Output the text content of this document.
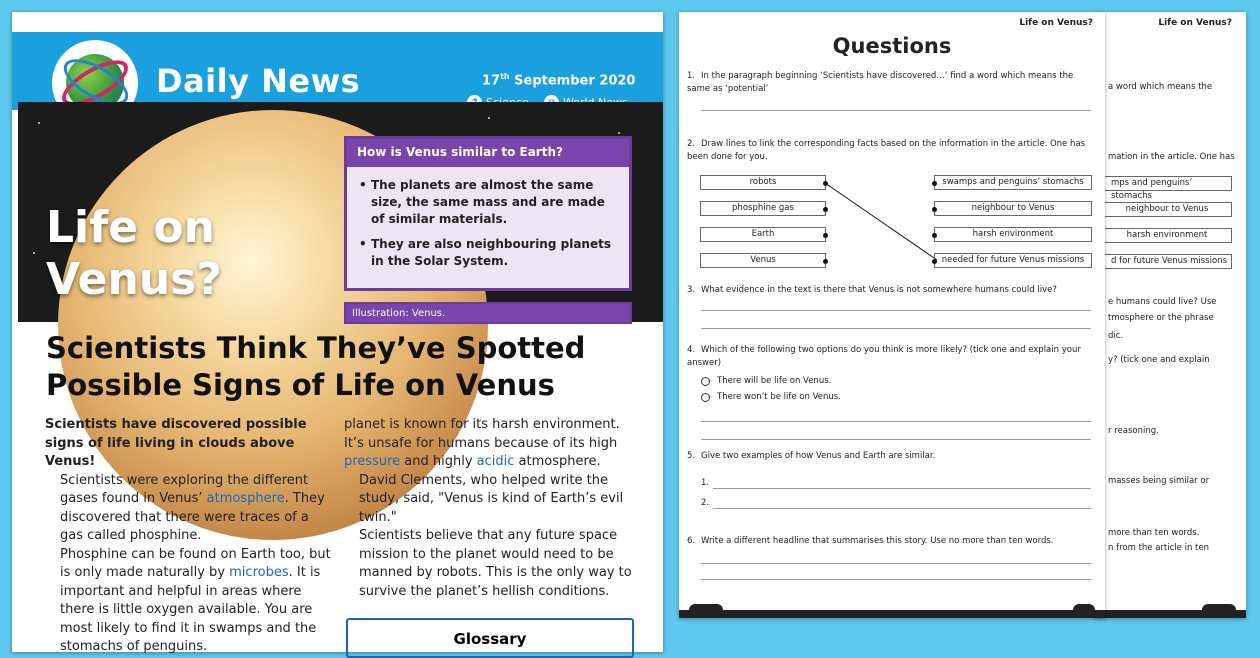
Daily News	17th September 2020
Life on
Venus?
How is Venus similar to Earth?
• The planets are almost the same size, the same mass and are made of similar materials.
• They are also neighbouring planets in the Solar System.
Illustration: Venus.
Scientists Think They’ve Spotted Possible Signs of Life on Venus
Scientists have discovered possible signs of life living in clouds above Venus!
Scientists were exploring the different gases found in Venus’ atmosphere. They discovered that there were traces of a gas called phosphine.
Phosphine can be found on Earth too, but is only made naturally by microbes. It is important and helpful in areas where there is little oxygen available. You are most likely to find it in swamps and the stomachs of penguins.
planet is known for its harsh environment. It’s unsafe for humans because of its high pressure and highly acidic atmosphere.
David Clements, who helped write the study, said, "Venus is kind of Earth’s evil twin."
Scientists believe that any future space mission to the planet would need to be manned by robots. This is the only way to survive the planet’s hellish conditions.
Glossary
Life on Venus?
a word which means the
mation in the article. One has
mps and penguins’ stomachs
neighbour to Venus
harsh environment
d for future Venus missions
e humans could live? Use
tmosphere or the phrase
dic.
y? (tick one and explain
r reasoning.
masses being similar or
more than ten words.
n from the article in ten
Life on Venus?
Questions
1. In the paragraph beginning ‘Scientists have discovered…’ find a word which means the same as ‘potential’
2. Draw lines to link the corresponding facts based on the information in the article. One has been done for you.
robots
phosphine gas
Earth
Venus
swamps and penguins’ stomachs
neighbour to Venus
harsh environment
needed for future Venus missions
3. What evidence in the text is there that Venus is not somewhere humans could live?
4. Which of the following two options do you think is more likely? (tick one and explain your answer)
There will be life on Venus.
There won’t be life on Venus.
5. Give two examples of how Venus and Earth are similar.
1.
2.
6. Write a different headline that summarises this story. Use no more than ten words.
